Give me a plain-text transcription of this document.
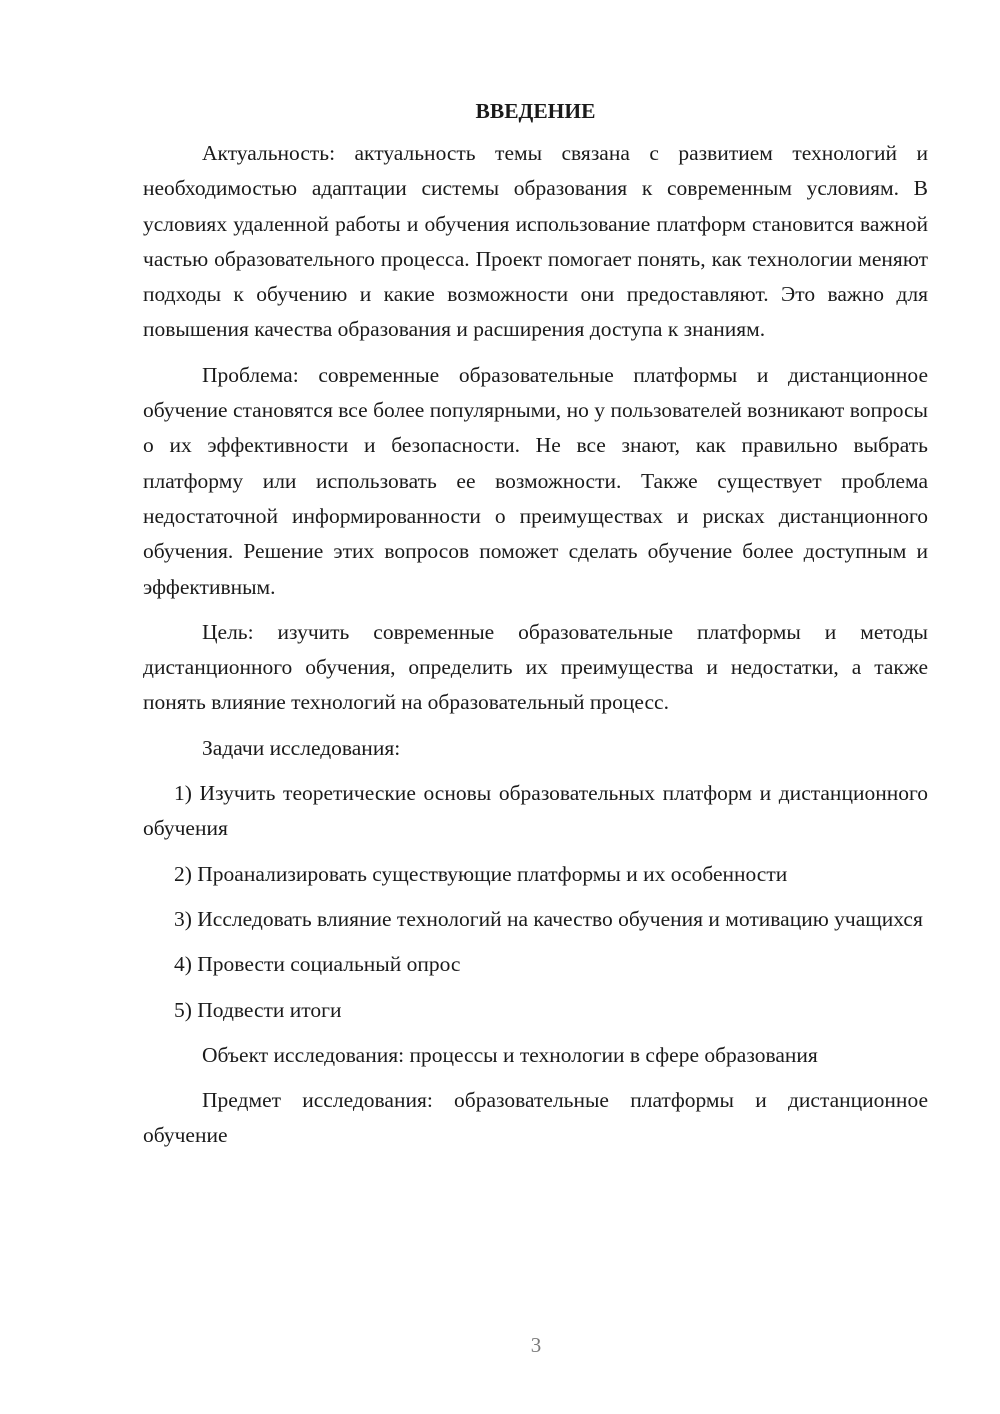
ВВЕДЕНИЕ

Актуальность: актуальность темы связана с развитием технологий и необходимостью адаптации системы образования к современным условиям. В условиях удаленной работы и обучения использование платформ становится важной частью образовательного процесса. Проект помогает понять, как технологии меняют подходы к обучению и какие возможности они предоставляют. Это важно для повышения качества образования и расширения доступа к знаниям.

Проблема: современные образовательные платформы и дистанционное обучение становятся все более популярными, но у пользователей возникают вопросы о их эффективности и безопасности. Не все знают, как правильно выбрать платформу или использовать ее возможности. Также существует проблема недостаточной информированности о преимуществах и рисках дистанционного обучения. Решение этих вопросов поможет сделать обучение более доступным и эффективным.

Цель: изучить современные образовательные платформы и методы дистанционного обучения, определить их преимущества и недостатки, а также понять влияние технологий на образовательный процесс.

Задачи исследования:

1) Изучить теоретические основы образовательных платформ и дистанционного обучения

2) Проанализировать существующие платформы и их особенности

3) Исследовать влияние технологий на качество обучения и мотивацию учащихся

4) Провести социальный опрос

5) Подвести итоги

Объект исследования: процессы и технологии в сфере образования

Предмет исследования: образовательные платформы и дистанционное обучение

3
